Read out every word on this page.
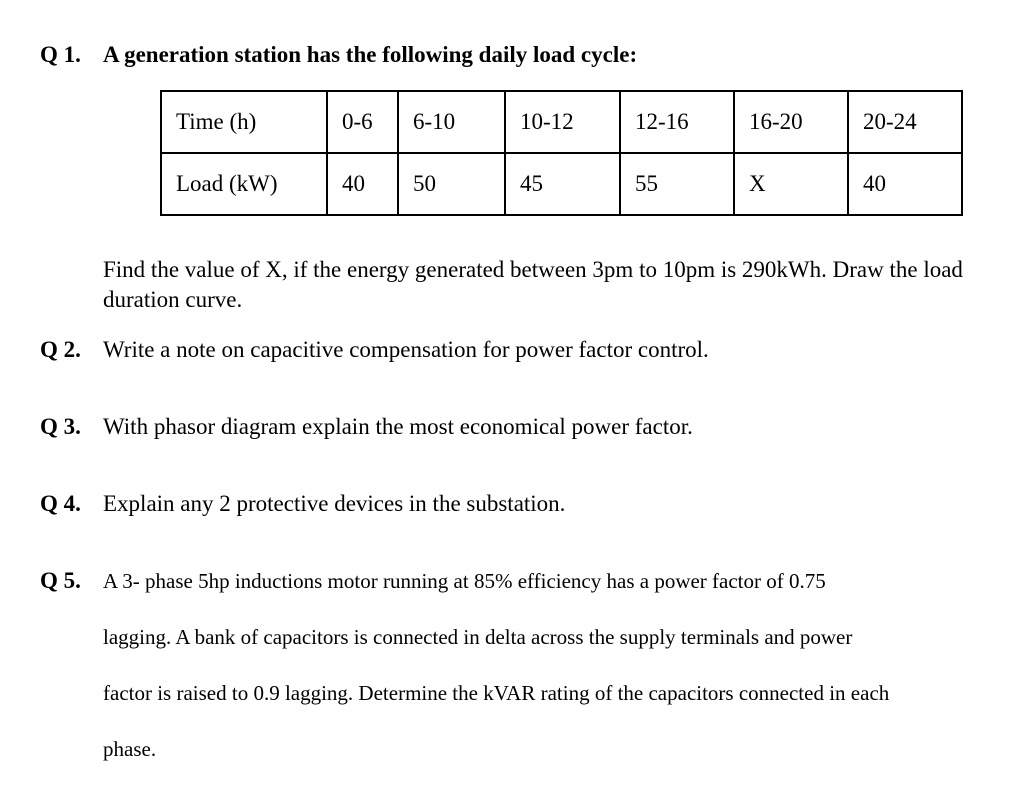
Q 1. A generation station has the following daily load cycle:
Time (h)	0-6	6-10	10-12	12-16	16-20	20-24
Load (kW)	40	50	45	55	X	40
Find the value of X, if the energy generated between 3pm to 10pm is 290kWh. Draw the load duration curve.
Q 2. Write a note on capacitive compensation for power factor control.
Q 3. With phasor diagram explain the most economical power factor.
Q 4. Explain any 2 protective devices in the substation.
Q 5. A 3- phase 5hp inductions motor running at 85% efficiency has a power factor of 0.75
lagging. A bank of capacitors is connected in delta across the supply terminals and power
factor is raised to 0.9 lagging. Determine the kVAR rating of the capacitors connected in each
phase.
